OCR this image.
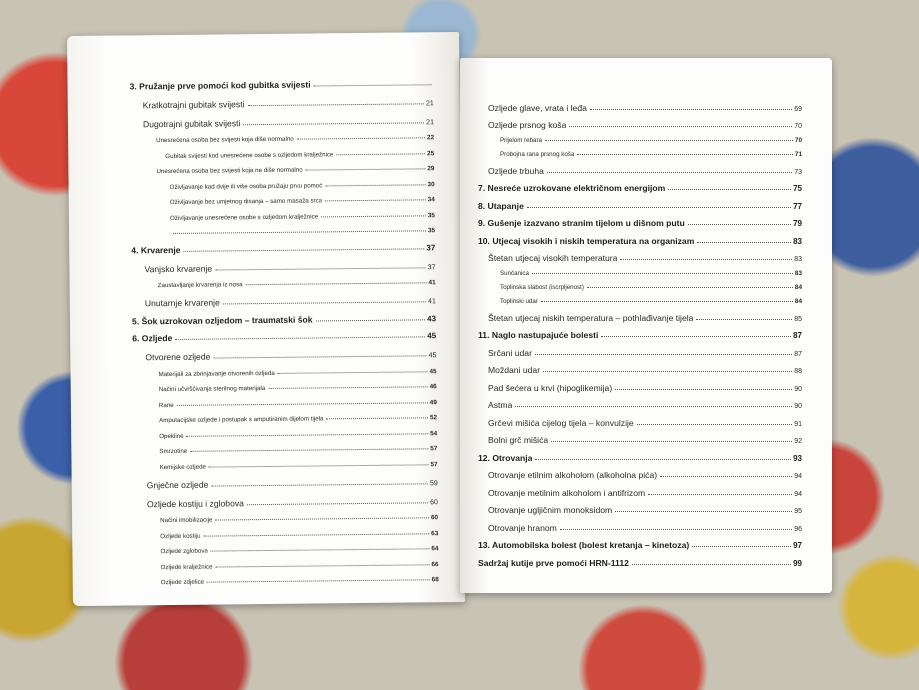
3. Pružanje prve pomoći kod gubitka svijesti
Kratkotrajni gubitak svijesti	21
Dugotrajni gubitak svijesti	21
Unesrećena osoba bez svijesti koja diše normalno	22
Gubitak svijesti kod unesrećene osobe s ozljedom kralježnice	25
Unesrećena osoba bez svijesti koja ne diše normalno	29
Oživljavanje kad dvije ili više osoba pružaju prvu pomoć	30
Oživljavanje bez umjetnog disanja – samo masaža srca	34
Oživljavanje unesrećene osobe s ozljedom kralježnice	35
35
4. Krvarenje	37
Vanjsko krvarenje	37
Zaustavljanje krvarenja iz nosa	41
Unutarnje krvarenje	41
5. Šok uzrokovan ozljedom – traumatski šok	43
6. Ozljede	45
Otvorene ozljede	45
Materijali za zbrinjavanje otvorenih ozljeda	45
Načini učvršćivanja sterilnog materijala	46
Rane	49
Amputacijske ozljede i postupak s amputiranim dijelom tijela	52
Opekline	54
Smrzotine	57
Kemijske ozljede	57
Gnječne ozljede	59
Ozljede kostiju i zglobova	60
Načini imobilizacije	60
Ozljede kostiju	63
Ozljede zglobova	64
Ozljede kralježnice	66
Ozljede zdjelice	68
Ozljede glave, vrata i leđa	69
Ozljede prsnog koša	70
Prijelom rebara	70
Probojna rana prsnog koša	71
Ozljede trbuha	73
7. Nesreće uzrokovane električnom energijom	75
8. Utapanje	77
9. Gušenje izazvano stranim tijelom u dišnom putu	79
10. Utjecaj visokih i niskih temperatura na organizam	83
Štetan utjecaj visokih temperatura	83
Sunčanica	83
Toplinska slabost (iscrpljenost)	84
Toplinski udar	84
Štetan utjecaj niskih temperatura – pothlađivanje tijela	85
11. Naglo nastupajuće bolesti	87
Srčani udar	87
Moždani udar	88
Pad šećera u krvi (hipoglikemija)	90
Astma	90
Grčevi mišića cijelog tijela – konvulzije	91
Bolni grč mišića	92
12. Otrovanja	93
Otrovanje etilnim alkoholom (alkoholna pića)	94
Otrovanje metilnim alkoholom i antifrizom	94
Otrovanje ugljičnim monoksidom	95
Otrovanje hranom	96
13. Automobilska bolest (bolest kretanja – kinetoza)	97
Sadržaj kutije prve pomoći HRN-1112	99
